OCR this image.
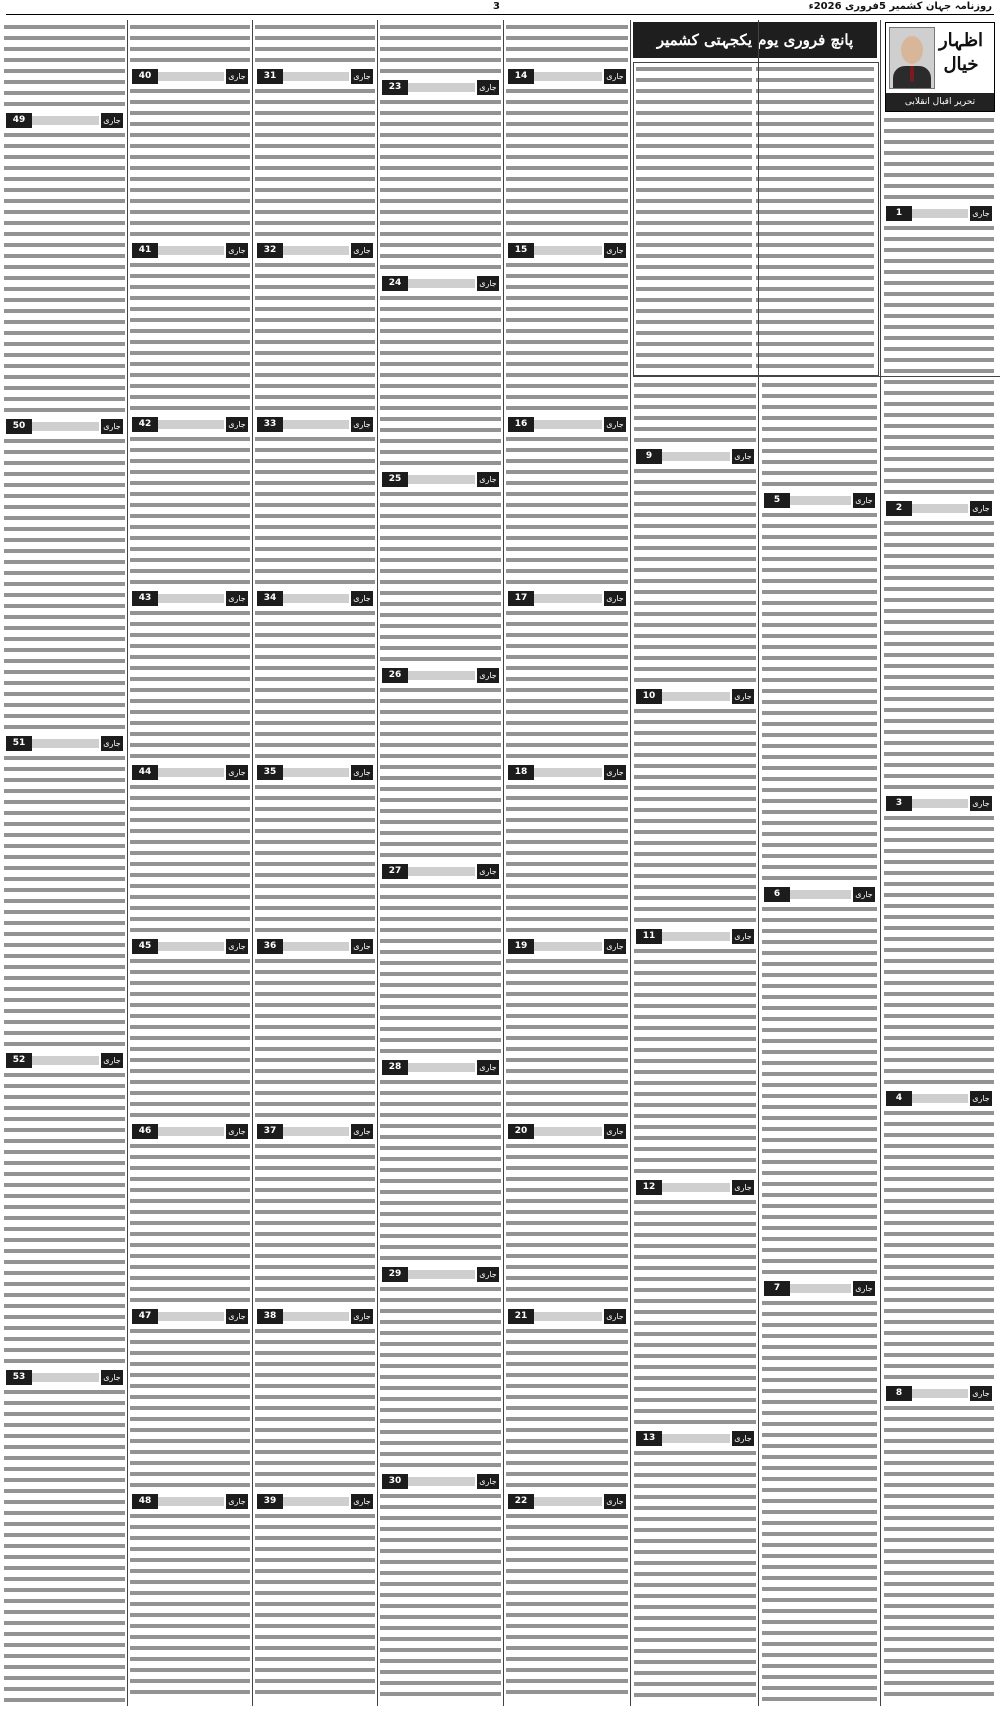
روزنامہ جہان کشمیر 5فروری 2026ء
3
اظہار خیال
تحریر اقبال انقلابی
پانچ فروری یوم یکجہتی کشمیر
1	جاری
2	جاری
3	جاری
4	جاری
8	جاری
5	جاری
6	جاری
7	جاری
9	جاری
10	جاری
11	جاری
12	جاری
13	جاری
14	جاری
15	جاری
16	جاری
17	جاری
18	جاری
19	جاری
20	جاری
21	جاری
22	جاری
23	جاری
24	جاری
25	جاری
26	جاری
27	جاری
28	جاری
29	جاری
30	جاری
31	جاری
32	جاری
33	جاری
34	جاری
35	جاری
36	جاری
37	جاری
38	جاری
39	جاری
40	جاری
41	جاری
42	جاری
43	جاری
44	جاری
45	جاری
46	جاری
47	جاری
48	جاری
49	جاری
50	جاری
51	جاری
52	جاری
53	جاری
